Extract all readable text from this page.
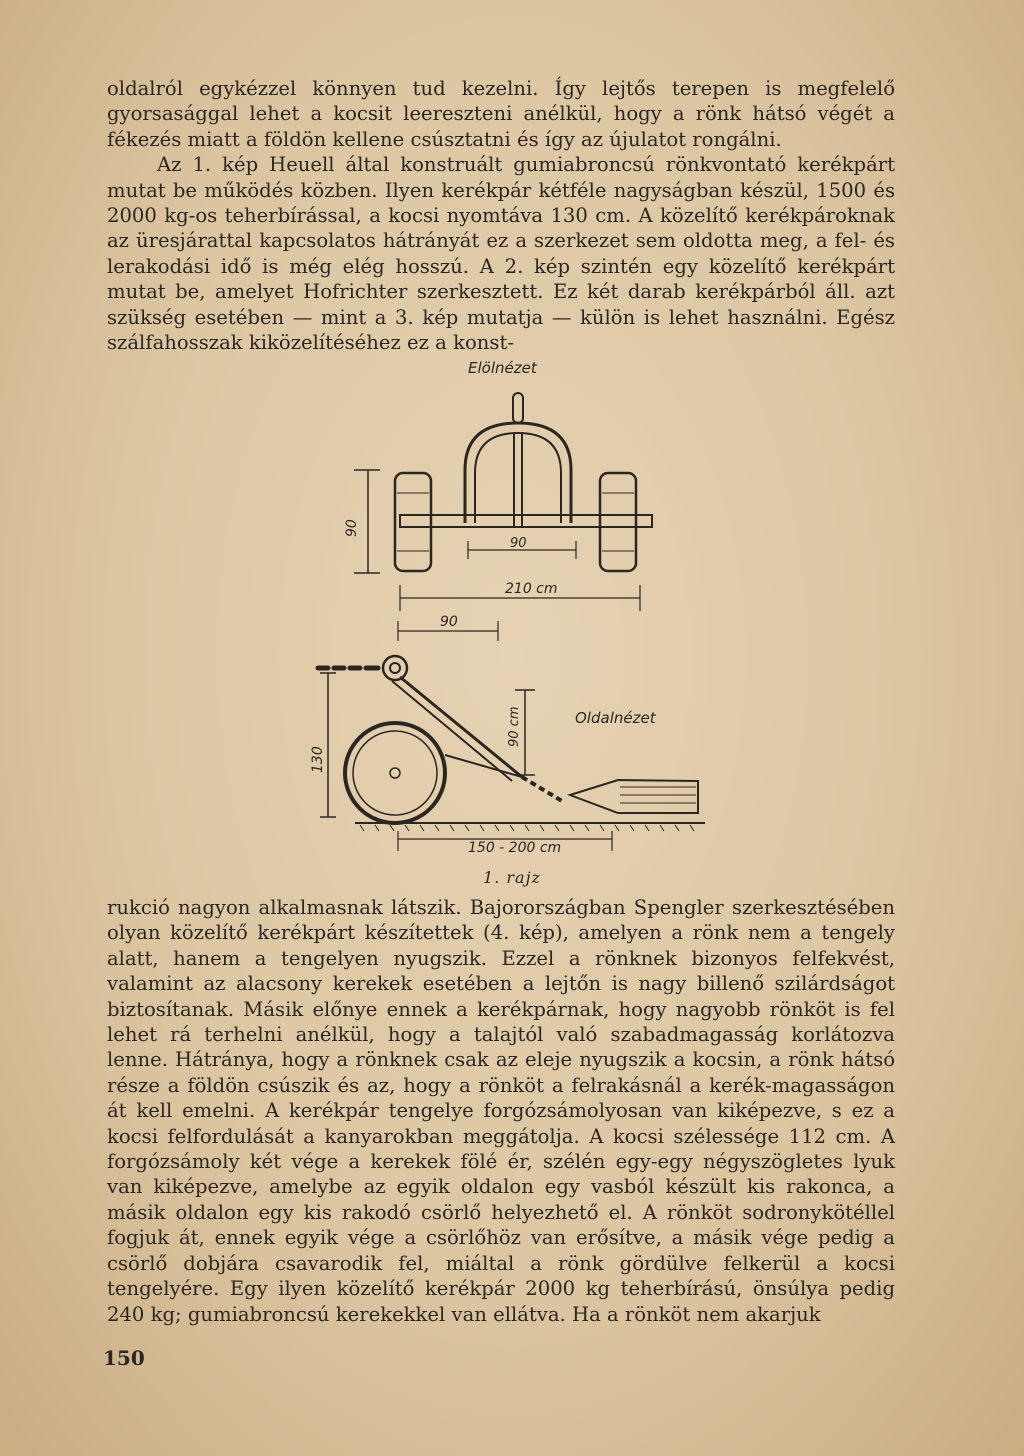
oldalról egykézzel könnyen tud kezelni. Így lejtős terepen is megfelelő gyorsasággal lehet a kocsit leereszteni anélkül, hogy a rönk hátsó végét a fékezés miatt a földön kellene csúsztatni és így az újulatot rongálni.

Az 1. kép Heuell által konstruált gumiabroncsú rönkvontató kerékpárt mutat be működés közben. Ilyen kerékpár kétféle nagyságban készül, 1500 és 2000 kg-os teherbírással, a kocsi nyomtáva 130 cm. A közelítő kerékpároknak az üresjárattal kapcsolatos hátrányát ez a szerkezet sem oldotta meg, a fel- és lerakodási idő is még elég hosszú. A 2. kép szintén egy közelítő kerékpárt mutat be, amelyet Hofrichter szerkesztett. Ez két darab kerékpárból áll. azt szükség esetében — mint a 3. kép mutatja — külön is lehet használni. Egész szálfahosszak kiközelítéséhez ez a konst-

Elölnézet
90
90
210 cm
90
Oldalnézet
130
90 cm
150 - 200 cm
1. rajz

rukció nagyon alkalmasnak látszik. Bajorországban Spengler szerkesztésében olyan közelítő kerékpárt készítettek (4. kép), amelyen a rönk nem a tengely alatt, hanem a tengelyen nyugszik. Ezzel a rönknek bizonyos felfekvést, valamint az alacsony kerekek esetében a lejtőn is nagy billenő szilárdságot biztosítanak. Másik előnye ennek a kerékpárnak, hogy nagyobb rönköt is fel lehet rá terhelni anélkül, hogy a talajtól való szabadmagasság korlátozva lenne. Hátránya, hogy a rönknek csak az eleje nyugszik a kocsin, a rönk hátsó része a földön csúszik és az, hogy a rönköt a felrakásnál a kerék-magasságon át kell emelni. A kerékpár tengelye forgózsámolyosan van kiképezve, s ez a kocsi felfordulását a kanyarokban meggátolja. A kocsi szélessége 112 cm. A forgózsámoly két vége a kerekek fölé ér, szélén egy-egy négyszögletes lyuk van kiképezve, amelybe az egyik oldalon egy vasból készült kis rakonca, a másik oldalon egy kis rakodó csörlő helyezhető el. A rönköt sodronykötéllel fogjuk át, ennek egyik vége a csörlőhöz van erősítve, a másik vége pedig a csörlő dobjára csavarodik fel, miáltal a rönk gördülve felkerül a kocsi tengelyére. Egy ilyen közelítő kerékpár 2000 kg teherbírású, önsúlya pedig 240 kg; gumiabroncsú kerekekkel van ellátva. Ha a rönköt nem akarjuk

150
